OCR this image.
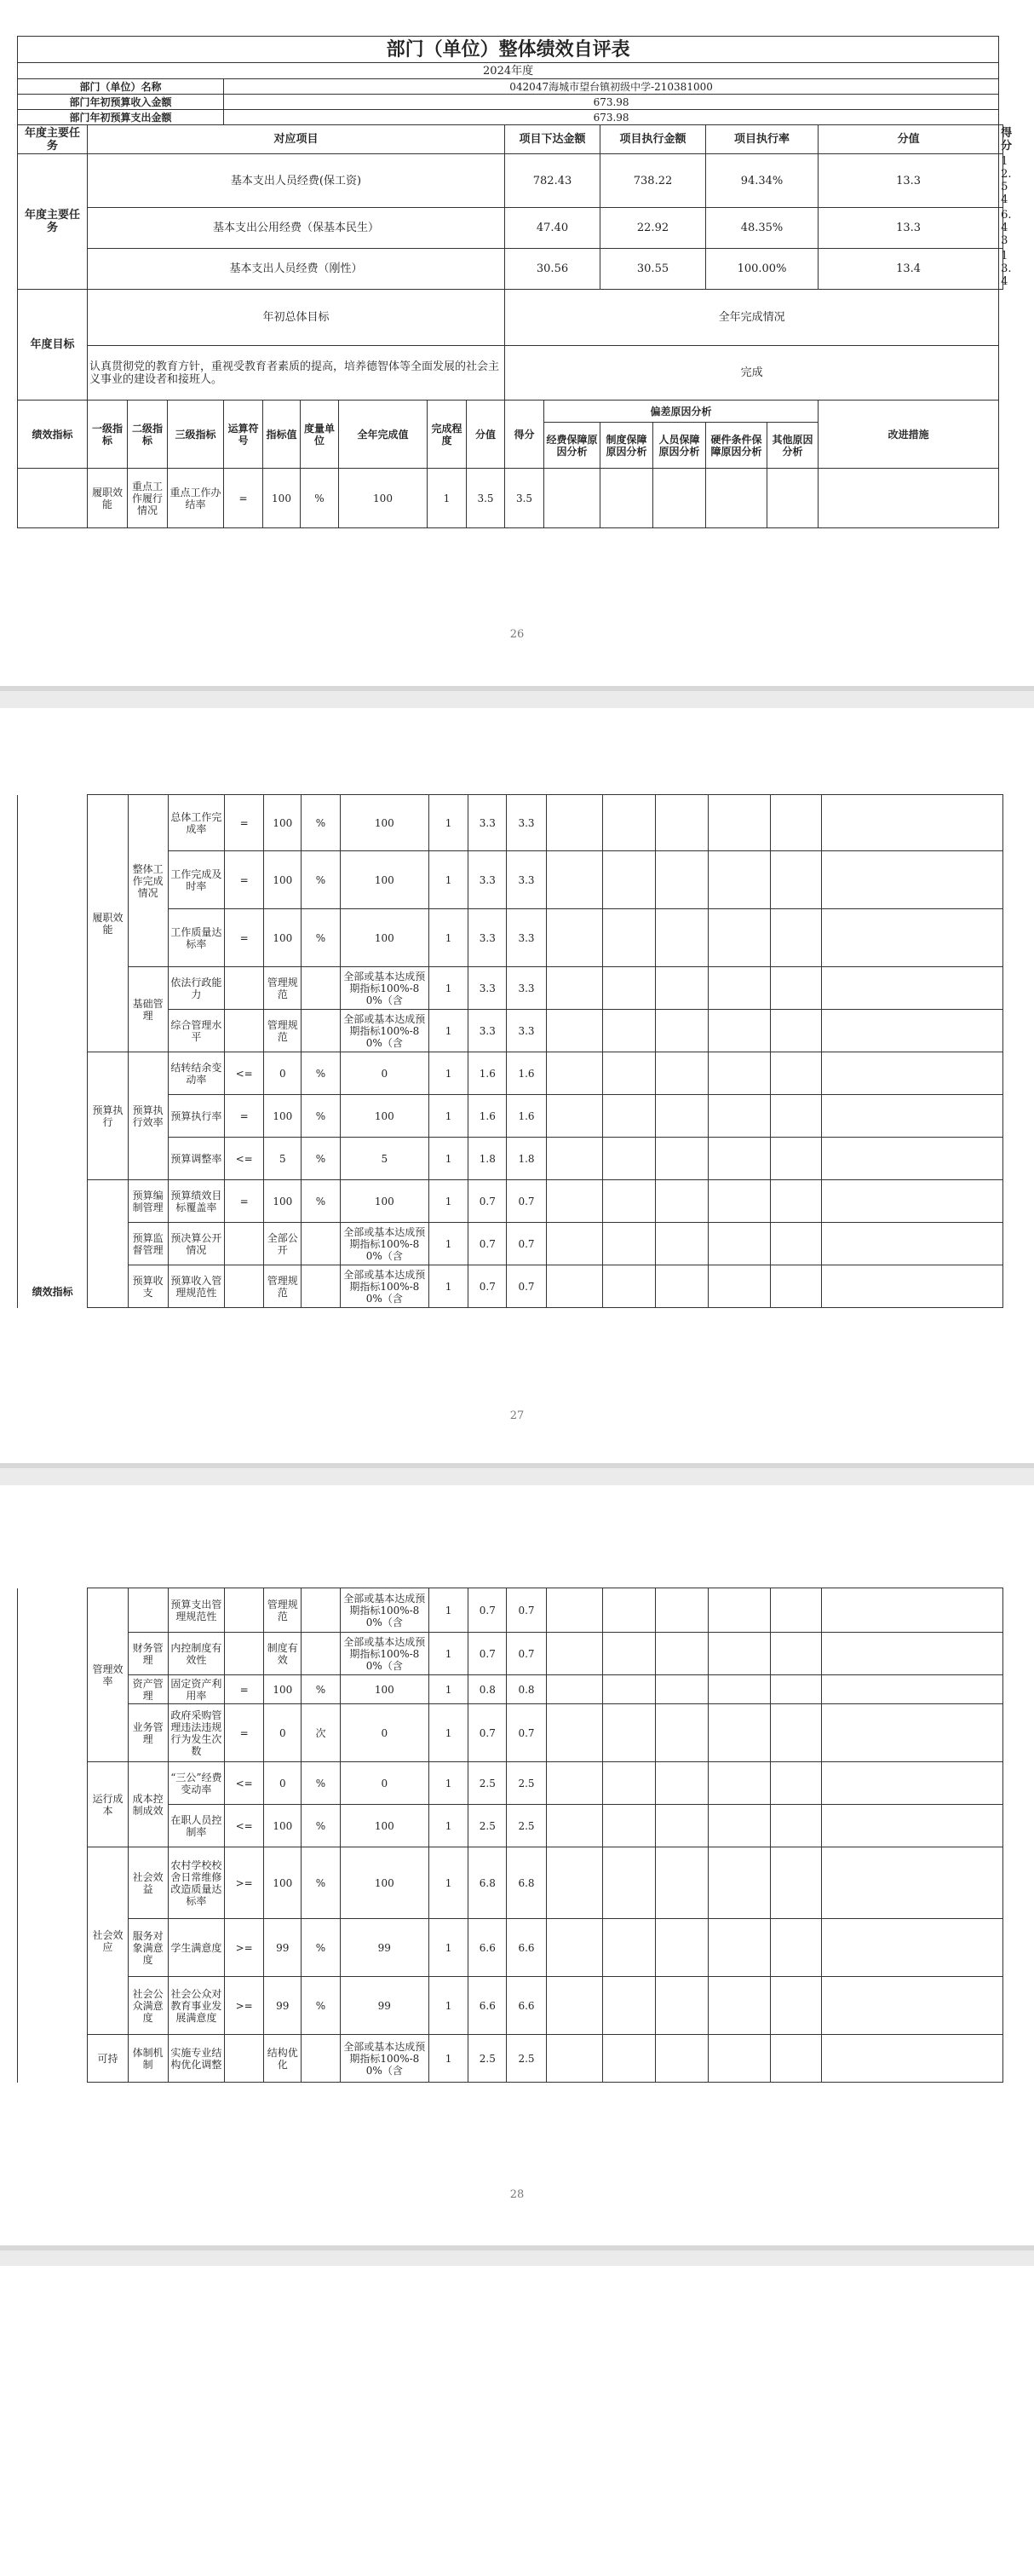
部门（单位）整体绩效自评表																	
2024年度																	
部门（单位）名称				042047海城市望台镇初级中学-210381000													
部门年初预算收入金额				673.98													
部门年初预算支出金额				673.98													
年度主要任务	对应项目									项目下达金额		项目执行金额		项目执行率		分值	得分
年度主要任务	基本支出人员经费(保工资)									782.43		738.22		94.34%		13.3	12.54
	基本支出公用经费（保基本民生）									47.40		22.92		48.35%		13.3	6.43
	基本支出人员经费（刚性）									30.56		30.55		100.00%		13.4	13.4
年度目标	年初总体目标									全年完成情况							
	认真贯彻党的教育方针，重视受教育者素质的提高，培养德智体等全面发展的社会主义事业的建设者和接班人。									完成							
绩效指标	一级指标	二级指标	三级指标	运算符号	指标值	度量单位	全年完成值	完成程度	分值	得分	偏差原因分析					改进措施	
											经费保障原因分析	制度保障原因分析	人员保障原因分析	硬件条件保障原因分析	其他原因分析		
	履职效能	重点工作履行情况	重点工作办结率	=	100	%	100	1	3.5	3.5							
26
绩效指标	履职效能	整体工作完成情况	总体工作完成率	=	100	%	100	1	3.3	3.3						
			工作完成及时率	=	100	%	100	1	3.3	3.3						
			工作质量达标率	=	100	%	100	1	3.3	3.3						
		基础管理	依法行政能力		管理规范		全部或基本达成预期指标100%-80%（含	1	3.3	3.3						
			综合管理水平		管理规范		全部或基本达成预期指标100%-80%（含	1	3.3	3.3						
	预算执行	预算执行效率	结转结余变动率	<=	0	%	0	1	1.6	1.6						
			预算执行率	=	100	%	100	1	1.6	1.6						
			预算调整率	<=	5	%	5	1	1.8	1.8						
		预算编制管理	预算绩效目标覆盖率	=	100	%	100	1	0.7	0.7						
		预算监督管理	预决算公开情况		全部公开		全部或基本达成预期指标100%-80%（含	1	0.7	0.7						
		预算收支	预算收入管理规范性		管理规范		全部或基本达成预期指标100%-80%（含	1	0.7	0.7						
27
	管理效率		预算支出管理规范性		管理规范		全部或基本达成预期指标100%-80%（含	1	0.7	0.7						
		财务管理	内控制度有效性		制度有效		全部或基本达成预期指标100%-80%（含	1	0.7	0.7						
		资产管理	固定资产利用率	=	100	%	100	1	0.8	0.8						
		业务管理	政府采购管理违法违规行为发生次数	=	0	次	0	1	0.7	0.7						
	运行成本	成本控制成效	“三公”经费变动率	<=	0	%	0	1	2.5	2.5						
			在职人员控制率	<=	100	%	100	1	2.5	2.5						
	社会效应	社会效益	农村学校校舍日常维修改造质量达标率	>=	100	%	100	1	6.8	6.8						
		服务对象满意度	学生满意度	>=	99	%	99	1	6.6	6.6						
		社会公众满意度	社会公众对教育事业发展满意度	>=	99	%	99	1	6.6	6.6						
	可持	体制机制	实施专业结构优化调整		结构优化		全部或基本达成预期指标100%-80%（含	1	2.5	2.5						
28
